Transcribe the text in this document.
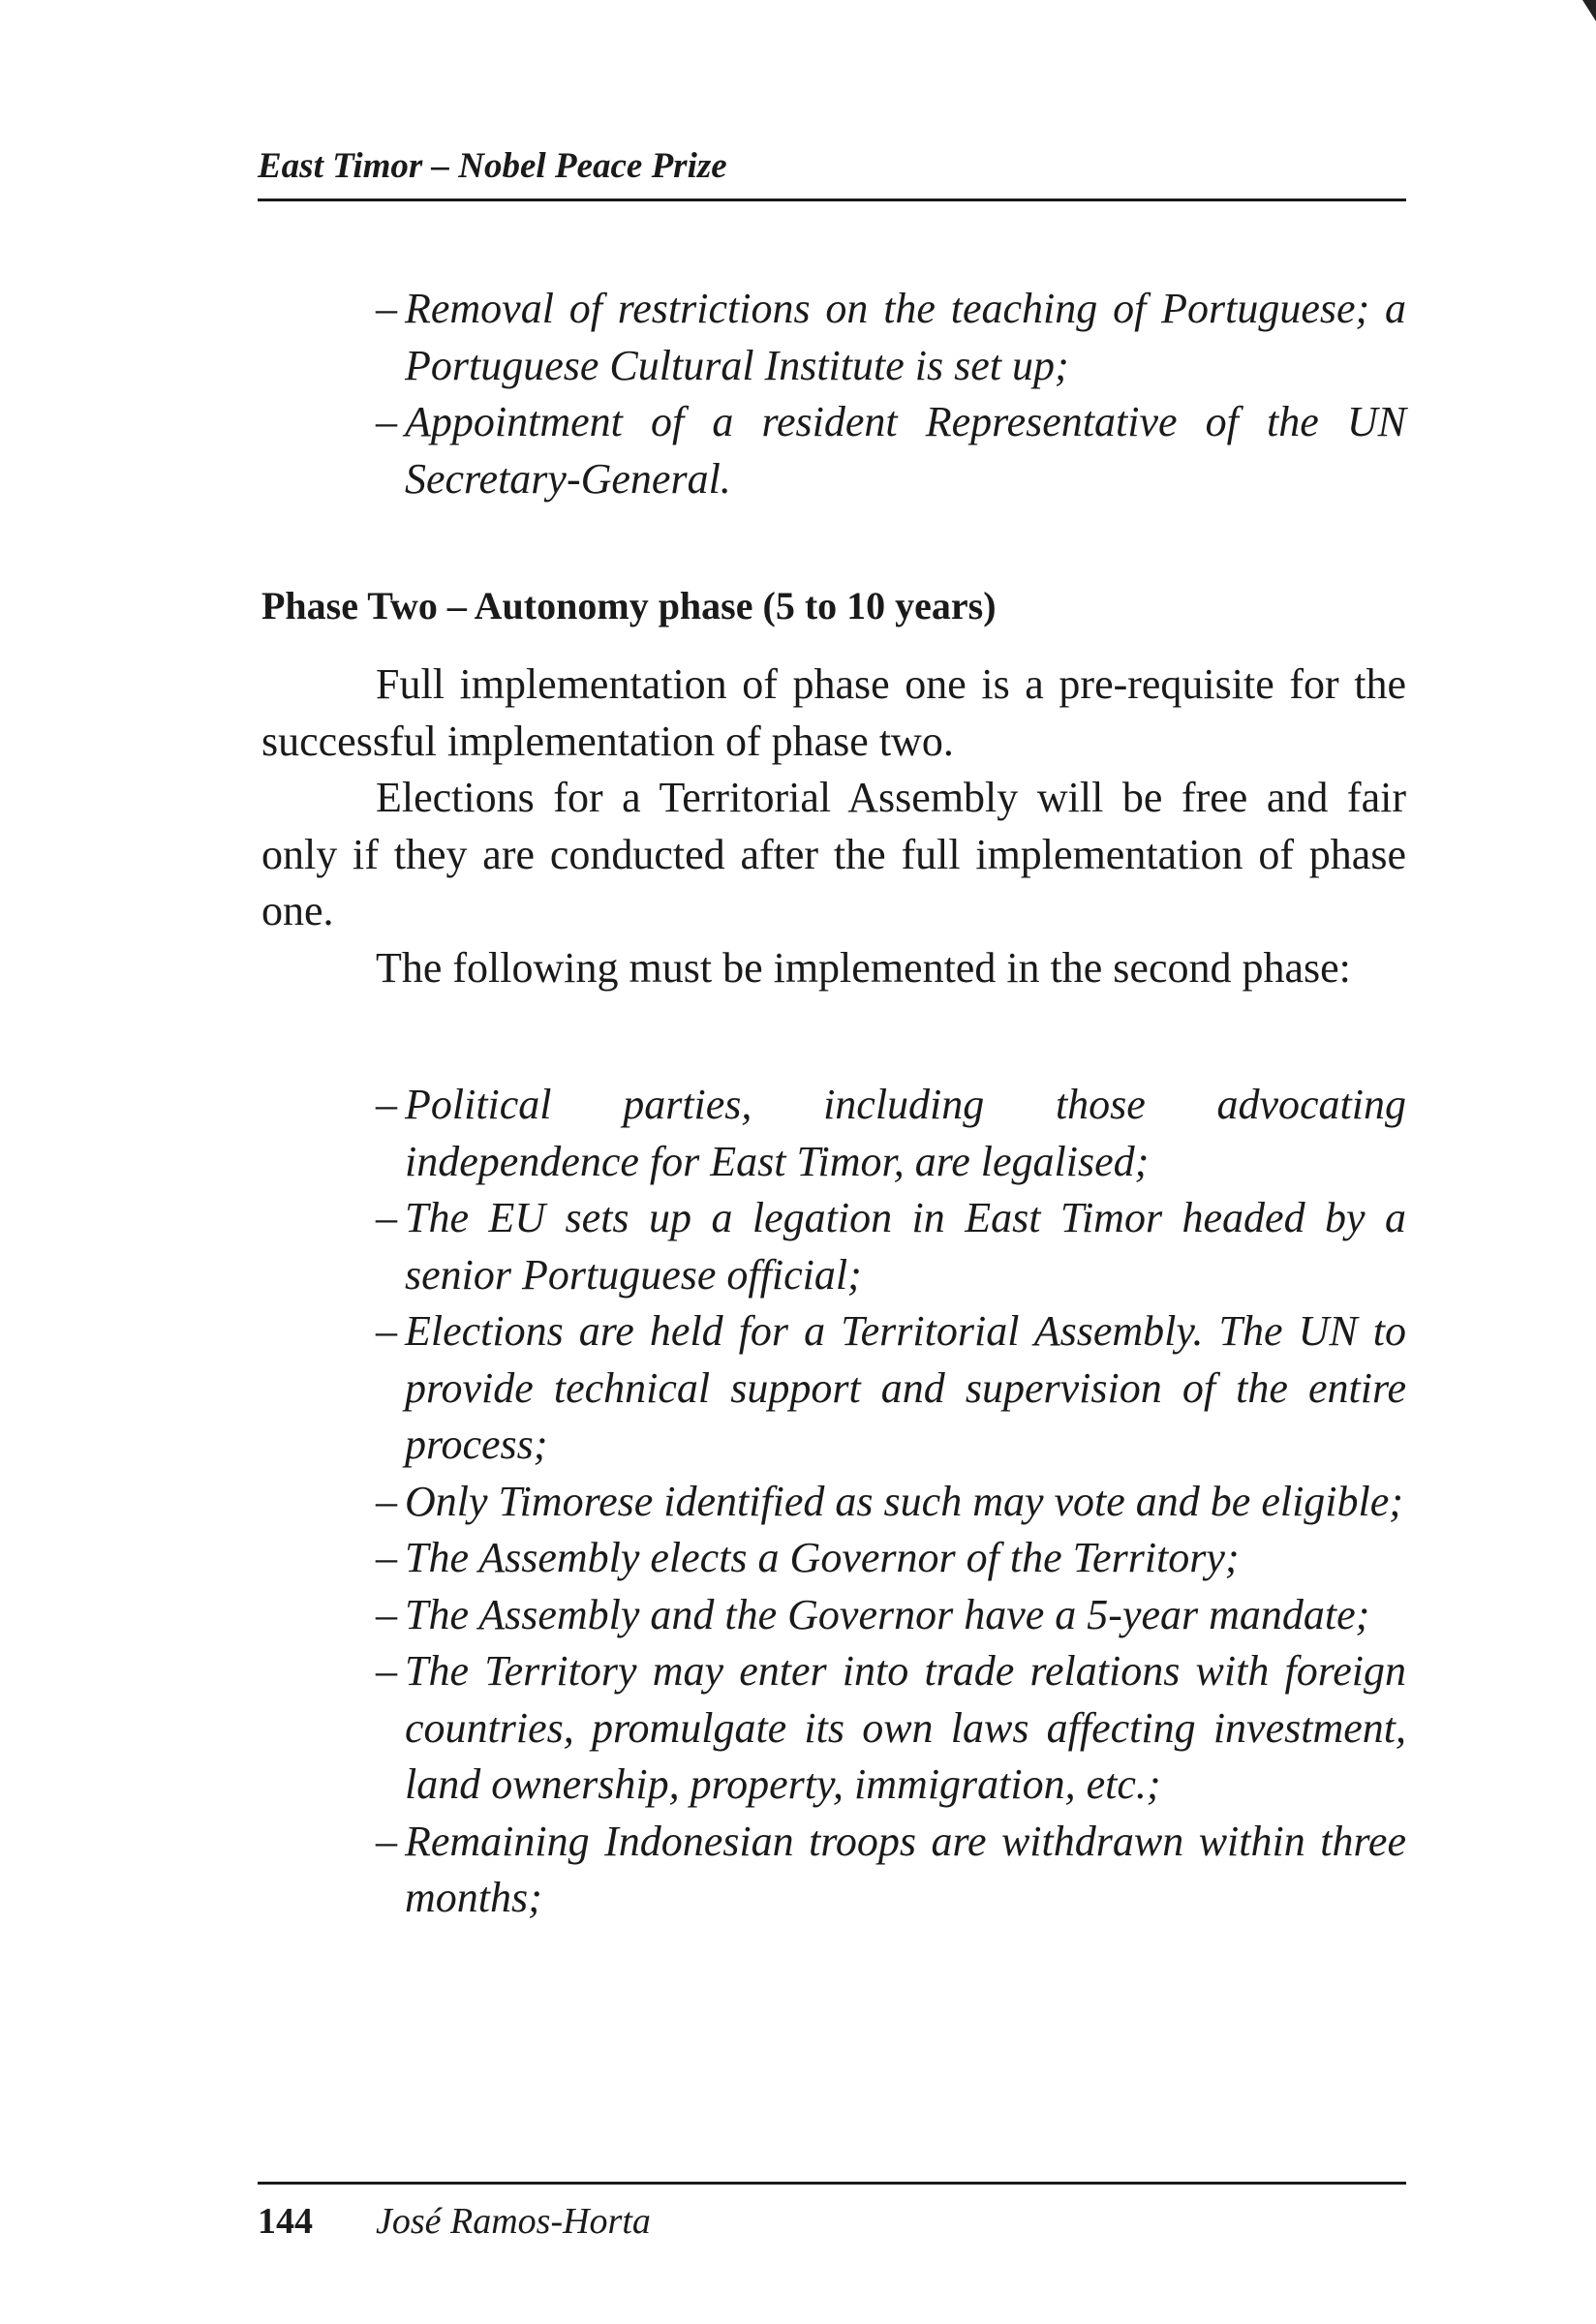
East Timor – Nobel Peace Prize
– Removal of restrictions on the teaching of Portuguese; a Portuguese Cultural Institute is set up;
– Appointment of a resident Representative of the UN Secretary-General.
Phase Two – Autonomy phase (5 to 10 years)

Full implementation of phase one is a pre-requisite for the successful implementation of phase two.

Elections for a Territorial Assembly will be free and fair only if they are conducted after the full implementation of phase one.

The following must be implemented in the second phase:

– Political parties, including those advocating independence for East Timor, are legalised;
– The EU sets up a legation in East Timor headed by a senior Portuguese official;
– Elections are held for a Territorial Assembly. The UN to provide technical support and supervision of the entire process;
– Only Timorese identified as such may vote and be eligible;
– The Assembly elects a Governor of the Territory;
– The Assembly and the Governor have a 5-year mandate;
– The Territory may enter into trade relations with foreign countries, promulgate its own laws affecting investment, land ownership, property, immigration, etc.;
– Remaining Indonesian troops are withdrawn within three months;
144 José Ramos-Horta
